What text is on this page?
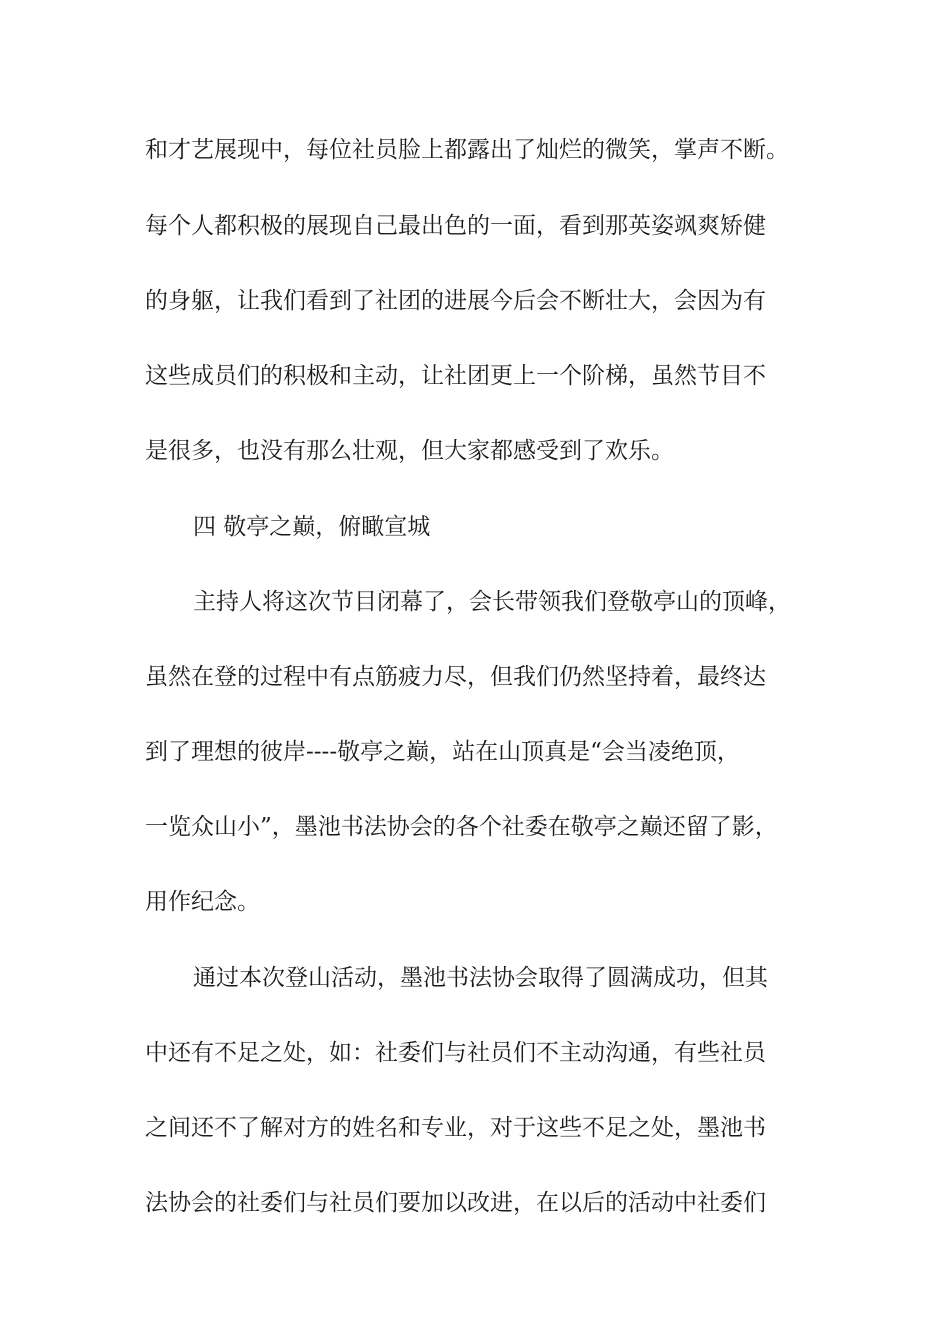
和才艺展现中，每位社员脸上都露出了灿烂的微笑，掌声不断。

每个人都积极的展现自己最出色的一面，看到那英姿飒爽矫健

的身躯，让我们看到了社团的进展今后会不断壮大，会因为有

这些成员们的积极和主动，让社团更上一个阶梯，虽然节目不

是很多，也没有那么壮观，但大家都感受到了欢乐。

四 敬亭之巅，俯瞰宣城

主持人将这次节目闭幕了，会长带领我们登敬亭山的顶峰，

虽然在登的过程中有点筋疲力尽，但我们仍然坚持着，最终达

到了理想的彼岸----敬亭之巅，站在山顶真是“会当凌绝顶，

一览众山小”，墨池书法协会的各个社委在敬亭之巅还留了影，

用作纪念。

通过本次登山活动，墨池书法协会取得了圆满成功，但其

中还有不足之处，如：社委们与社员们不主动沟通，有些社员

之间还不了解对方的姓名和专业，对于这些不足之处，墨池书

法协会的社委们与社员们要加以改进，在以后的活动中社委们
